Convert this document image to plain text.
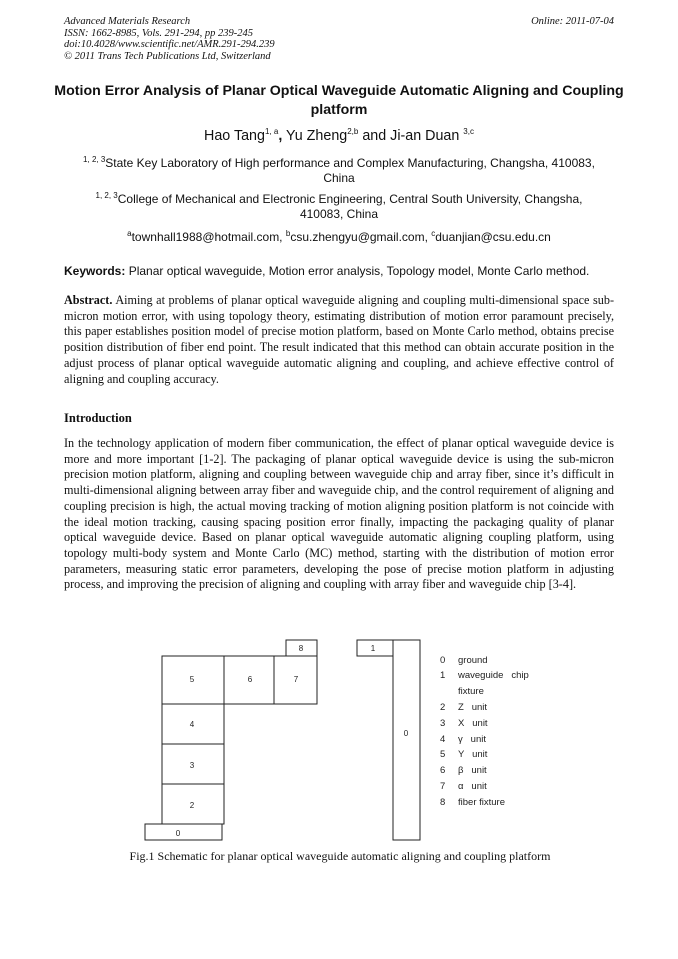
Advanced Materials Research
ISSN: 1662-8985, Vols. 291-294, pp 239-245
doi:10.4028/www.scientific.net/AMR.291-294.239
© 2011 Trans Tech Publications Ltd, Switzerland
Online: 2011-07-04
Motion Error Analysis of Planar Optical Waveguide Automatic Aligning and Coupling platform
Hao Tang$^{1, a}$, Yu Zheng$^{2,b}$ and Ji-an Duan $^{3,c}$
$^{1, 2, 3}$State Key Laboratory of High performance and Complex Manufacturing, Changsha, 410083, China
$^{1, 2, 3}$College of Mechanical and Electronic Engineering, Central South University, Changsha, 410083, China
$^a$townhall1988@hotmail.com, $^b$csu.zhengyu@gmail.com, $^c$duanjian@csu.edu.cn
Keywords: Planar optical waveguide, Motion error analysis, Topology model, Monte Carlo method.
Abstract. Aiming at problems of planar optical waveguide aligning and coupling multi-dimensional space sub-micron motion error, with using topology theory, estimating distribution of motion error paramount precisely, this paper establishes position model of precise motion platform, based on Monte Carlo method, obtains precise position distribution of fiber end point. The result indicated that this method can obtain accurate position in the adjust process of planar optical waveguide automatic aligning and coupling, and achieve effective control of aligning and coupling accuracy.
Introduction
In the technology application of modern fiber communication, the effect of planar optical waveguide device is more and more important [1-2]. The packaging of planar optical waveguide device is using the sub-micron precision motion platform, aligning and coupling between waveguide chip and array fiber, since it’s difficult in multi-dimensional aligning between array fiber and waveguide chip, and the control requirement of aligning and coupling precision is high, the actual moving tracking of motion aligning position platform is not coincide with the ideal motion tracking, causing spacing position error finally, impacting the packaging quality of planar optical waveguide device. Based on planar optical waveguide automatic aligning coupling platform, using topology multi-body system and Monte Carlo (MC) method, starting with the distribution of motion error parameters, measuring static error parameters, developing the pose of precise motion platform in adjusting process, and improving the precision of aligning and coupling with array fiber and waveguide chip [3-4].
0
1
2
3
4
5	6	7
8
0
0 ground
1 waveguide   chip
fixture
2 Z   unit
3 X   unit
4 γ   unit
5 Y   unit
6 β   unit
7 α   unit
8 fiber fixture
Fig.1 Schematic for planar optical waveguide automatic aligning and coupling platform
